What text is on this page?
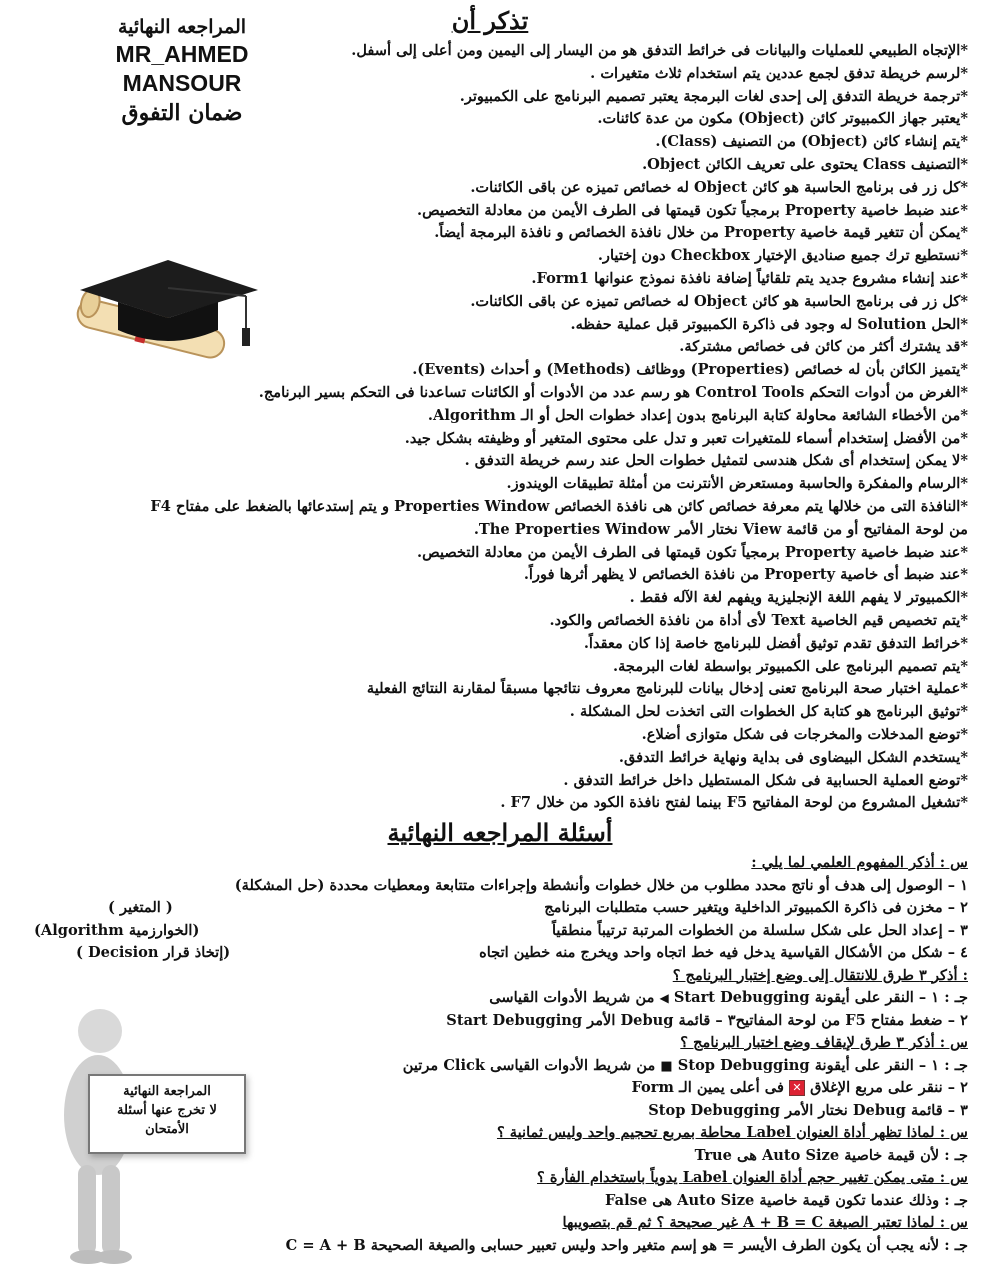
المراجعه النهائية
MR_AHMED
MANSOUR
ضمان التفوق
تذكر أن
*الإتجاه الطبيعي للعمليات والبيانات فى خرائط التدفق هو من اليسار إلى اليمين ومن أعلى إلى أسفل.
*لرسم خريطة تدفق لجمع عددين يتم استخدام ثلاث متغيرات .
*ترجمة خريطة التدفق إلى إحدى لغات البرمجة يعتبر تصميم البرنامج على الكمبيوتر.
*يعتبر جهاز الكمبيوتر كائن (Object) مكون من عدة كائنات.
*يتم إنشاء كائن (Object) من التصنيف (Class).
*التصنيف Class يحتوى على تعريف الكائن Object.
*كل زر فى برنامج الحاسبة هو كائن Object له خصائص تميزه عن باقى الكائنات.
*عند ضبط خاصية Property برمجياً تكون قيمتها فى الطرف الأيمن من معادلة التخصيص.
*يمكن أن تتغير قيمة خاصية Property من خلال نافذة الخصائص و نافذة البرمجة أيضاً.
*نستطيع ترك جميع صناديق الإختيار Checkbox دون إختيار.
*عند إنشاء مشروع جديد يتم تلقائياً إضافة نافذة نموذج عنوانها Form1.
*كل زر فى برنامج الحاسبة هو كائن Object له خصائص تميزه عن باقى الكائنات.
*الحل Solution له وجود فى ذاكرة الكمبيوتر قبل عملية حفظه.
*قد يشترك أكثر من كائن فى خصائص مشتركة.
*يتميز الكائن بأن له خصائص (Properties) ووظائف (Methods) و أحداث (Events).
*الغرض من أدوات التحكم Control Tools هو رسم عدد من الأدوات أو الكائنات تساعدنا فى التحكم بسير البرنامج.
*من الأخطاء الشائعة محاولة كتابة البرنامج بدون إعداد خطوات الحل أو الـ Algorithm.
*من الأفضل إستخدام أسماء للمتغيرات تعبر و تدل على محتوى المتغير أو وظيفته بشكل جيد.
*لا يمكن إستخدام أى شكل هندسى لتمثيل خطوات الحل عند رسم خريطة التدفق .
*الرسام والمفكرة والحاسبة ومستعرض الأنترنت من أمثلة تطبيقات الويندوز.
*النافذة التى من خلالها يتم معرفة خصائص كائن هى نافذة الخصائص Properties Window و يتم إستدعائها بالضغط على مفتاح F4
من لوحة المفاتيح أو من قائمة View نختار الأمر The Properties Window.
*عند ضبط خاصية Property برمجياً تكون قيمتها فى الطرف الأيمن من معادلة التخصيص.
*عند ضبط أى خاصية Property من نافذة الخصائص لا يظهر أثرها فوراً.
*الكمبيوتر لا يفهم اللغة الإنجليزية ويفهم لغة الآله فقط .
*يتم تخصيص قيم الخاصية Text لأى أداة من نافذة الخصائص والكود.
*خرائط التدفق تقدم توثيق أفضل للبرنامج خاصة إذا كان معقداً.
*يتم تصميم البرنامج على الكمبيوتر بواسطة لغات البرمجة.
*عملية اختبار صحة البرنامج تعنى إدخال بيانات للبرنامج معروف نتائجها مسبقاً لمقارنة النتائج الفعلية
*توثيق البرنامج هو كتابة كل الخطوات التى اتخذت لحل المشكلة .
*توضع المدخلات والمخرجات فى شكل متوازى أضلاع.
*يستخدم الشكل البيضاوى فى بداية ونهاية خرائط التدفق.
*توضع العملية الحسابية فى شكل المستطيل داخل خرائط التدفق .
*تشغيل المشروع من لوحة المفاتيح F5 بينما لفتح نافذة الكود من خلال F7 .
أسئلة المراجعه النهائية
س : أذكر المفهوم العلمي لما يلي :
١ – الوصول إلى هدف أو ناتج محدد مطلوب من خلال خطوات وأنشطة وإجراءات متتابعة ومعطيات محددة (حل المشكلة)
٢ – مخزن فى ذاكرة الكمبيوتر الداخلية ويتغير حسب متطلبات البرنامج
( المتغير )
٣ – إعداد الحل على شكل سلسلة من الخطوات المرتبة ترتيباً منطقياً
(الخوارزمية Algorithm)
٤ – شكل من الأشكال القياسية يدخل فيه خط اتجاه واحد ويخرج منه خطين اتجاه
(إتخاذ قرار Decision )
: أذكر ٣ طرق للانتقال إلى وضع إختبار البرنامج ؟
جـ : ١ – النقر على أيقونة Start Debugging ◀ من شريط الأدوات القياسى
٢ – ضغط مفتاح F5 من لوحة المفاتيح٣ – قائمة Debug الأمر Start Debugging
س : أذكر ٣ طرق لإيقاف وضع اختبار البرنامج ؟
جـ : ١ – النقر على أيقونة Stop Debugging ■ من شريط الأدوات القياسى Click مرتين
٢ – ننقر على مربع الإغلاق ✕ فى أعلى يمين الـ Form
٣ – قائمة Debug نختار الأمر Stop Debugging
س : لماذا تظهر أداة العنوان Label محاطة بمربع تحجيم واحد وليس ثمانية ؟
جـ : لأن قيمة خاصية Auto Size هى True
س : متى يمكن تغيير حجم أداة العنوان Label يدوياً باستخدام الفأرة ؟
جـ : وذلك عندما تكون قيمة خاصية Auto Size هى False
س : لماذا تعتبر الصيغة A + B = C غير صحيحة ؟ ثم قم بتصويبها
جـ : لأنه يجب أن يكون الطرف الأيسر = هو إسم متغير واحد وليس تعبير حسابى والصيغة الصحيحة C = A + B
المراجعة النهائية
لا تخرج عنها أسئلة
الأمتحان
